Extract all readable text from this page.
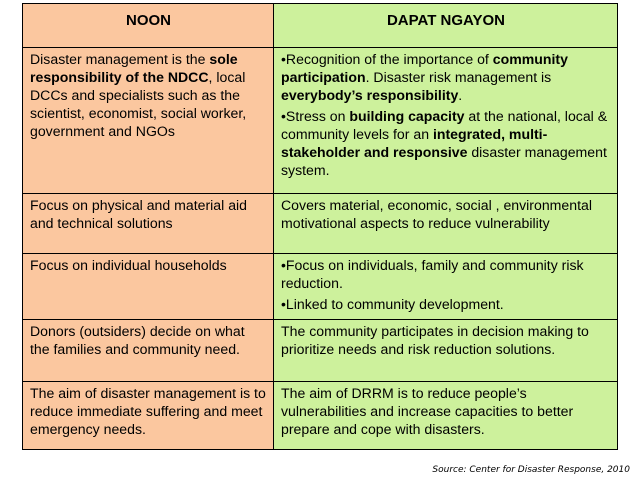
NOON	DAPAT NGAYON

Disaster management is the sole responsibility of the NDCC, local DCCs and specialists such as the scientist, economist, social worker, government and NGOs	•Recognition of the importance of community participation. Disaster risk management is everybody’s responsibility.

•Stress on building capacity at the national, local & community levels for an integrated, multi-stakeholder and responsive disaster management system.

Focus on physical and material aid and technical solutions	Covers material, economic, social , environmental motivational aspects to reduce vulnerability

Focus on individual households	•Focus on individuals, family and community risk reduction.

•Linked to community development.

Donors (outsiders) decide on what the families and community need.	The community participates in decision making to prioritize needs and risk reduction solutions.

The aim of disaster management is to reduce immediate suffering and meet emergency needs.	The aim of DRRM is to reduce people’s vulnerabilities and increase capacities to better prepare and cope with disasters.

Source: Center for Disaster Response, 2010
